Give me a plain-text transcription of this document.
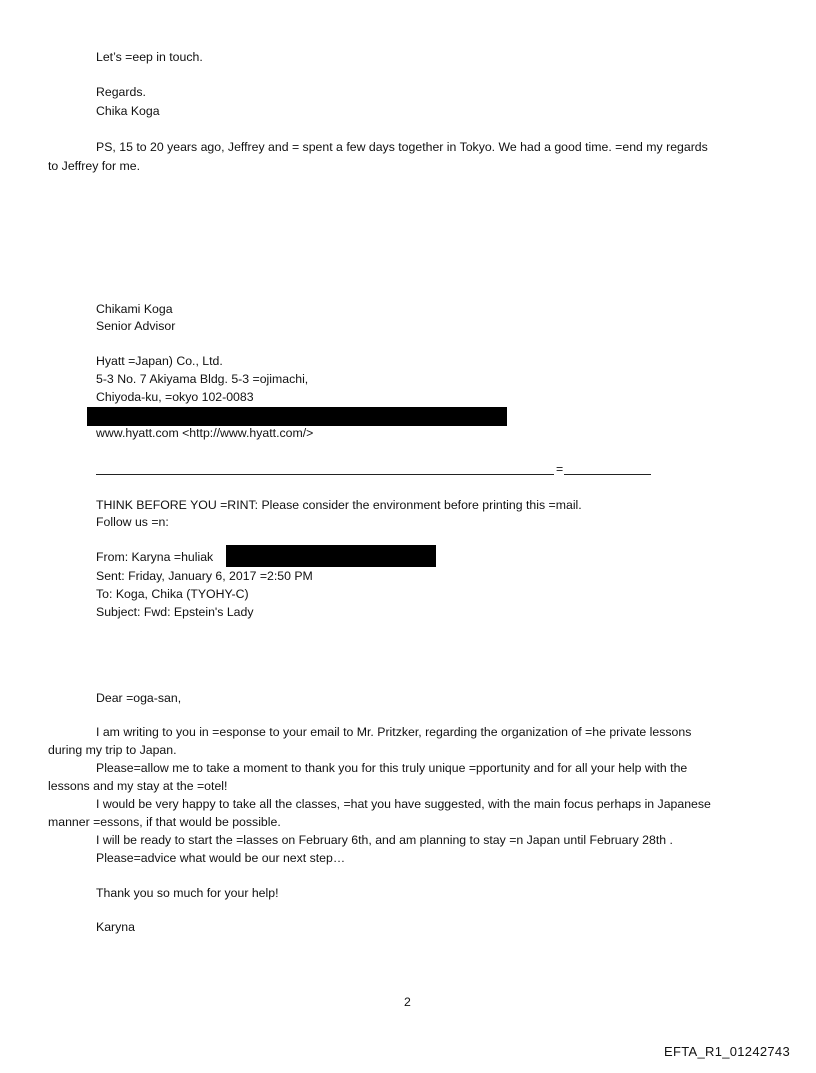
Let’s =eep in touch.
Regards.
Chika Koga
PS, 15 to 20 years ago, Jeffrey and = spent a few days together in Tokyo. We had a good time. =end my regards
to Jeffrey for me.
Chikami Koga
Senior Advisor
Hyatt =Japan) Co., Ltd.
5-3 No. 7 Akiyama Bldg. 5-3 =ojimachi,
Chiyoda-ku, =okyo 102-0083
www.hyatt.com <http://www.hyatt.com/>
=
THINK BEFORE YOU =RINT: Please consider the environment before printing this =mail.
Follow us =n:
From: Karyna =huliak
Sent: Friday, January 6, 2017 =2:50 PM
To: Koga, Chika (TYOHY-C)
Subject: Fwd: Epstein's Lady
Dear =oga-san,
I am writing to you in =esponse to your email to Mr. Pritzker, regarding the organization of =he private lessons
during my trip to Japan.
Please=allow me to take a moment to thank you for this truly unique =pportunity and for all your help with the
lessons and my stay at the =otel!
I would be very happy to take all the classes, =hat you have suggested, with the main focus perhaps in Japanese
manner =essons, if that would be possible.
I will be ready to start the =lasses on February 6th, and am planning to stay =n Japan until February 28th .
Please=advice what would be our next step…
Thank you so much for your help!
Karyna
2
EFTA_R1_01242743
